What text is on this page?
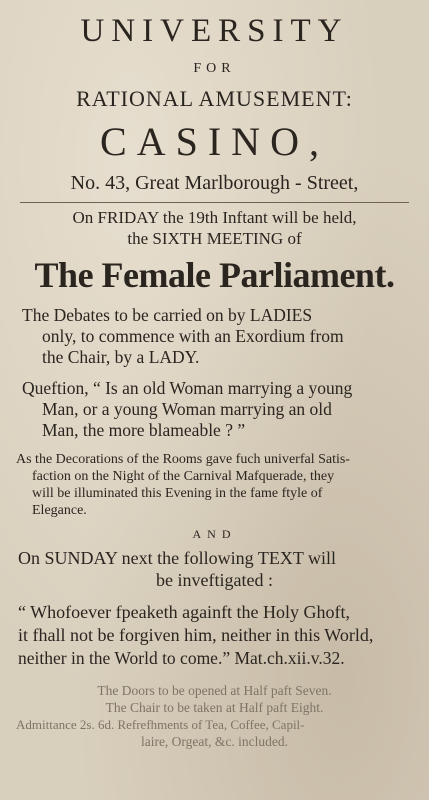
UNIVERSITY
FOR
RATIONAL AMUSEMENT:
CASINO,
No. 43, Great Marlborough - Street,
On FRIDAY the 19th Inftant will be held,
the SIXTH MEETING of
The Female Parliament.
The Debates to be carried on by LADIES
only, to commence with an Exordium from
the Chair, by a LADY.
Queftion, “ Is an old Woman marrying a young
Man, or a young Woman marrying an old
Man, the more blameable ? ”
As the Decorations of the Rooms gave fuch univerfal Satis-
faction on the Night of the Carnival Mafquerade, they
will be illuminated this Evening in the fame ftyle of
Elegance.
AND
On SUNDAY next the following TEXT will
be inveftigated :
“ Whofoever fpeaketh againft the Holy Ghoft,
it fhall not be forgiven him, neither in this World,
neither in the World to come.” Mat.ch.xii.v.32.
The Doors to be opened at Half paft Seven.
The Chair to be taken at Half paft Eight.
Admittance 2s. 6d. Refrefhments of Tea, Coffee, Capil-
laire, Orgeat, &c. included.
